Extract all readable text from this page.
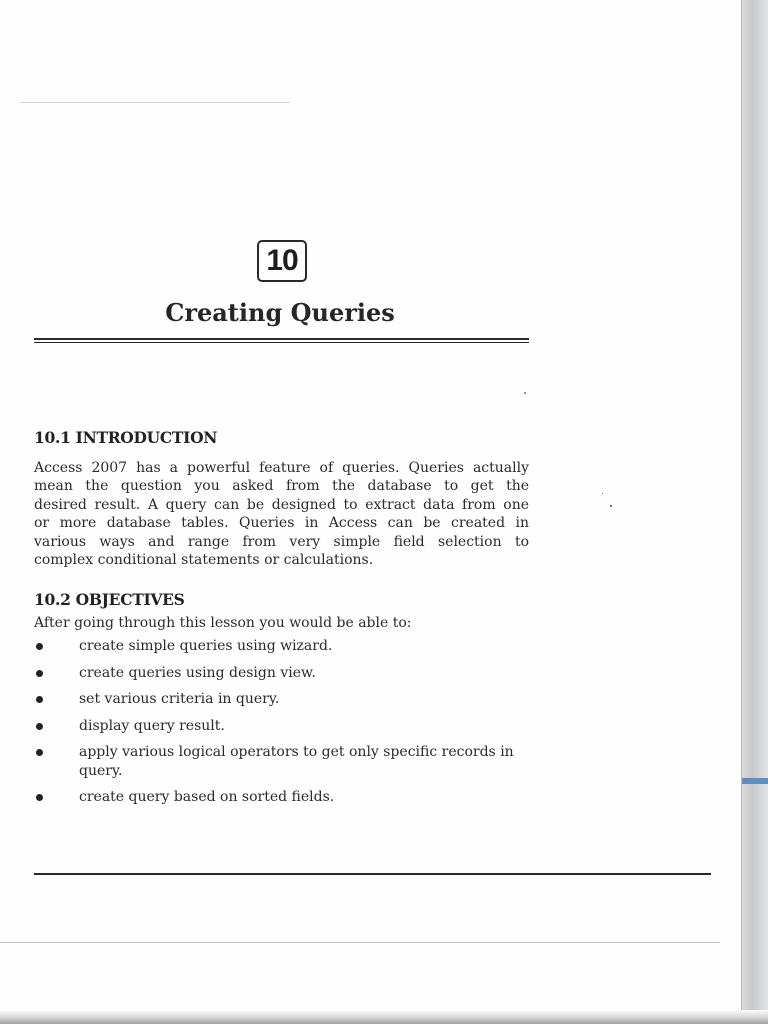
10
Creating Queries
10.1 INTRODUCTION
Access 2007 has a powerful feature of queries. Queries actually
mean the question you asked from the database to get the
desired result. A query can be designed to extract data from one
or more database tables. Queries in Access can be created in
various ways and range from very simple field selection to
complex conditional statements or calculations.
10.2 OBJECTIVES
After going through this lesson you would be able to:
create simple queries using wizard.
create queries using design view.
set various criteria in query.
display query result.
apply various logical operators to get only specific records in query.
create query based on sorted fields.
